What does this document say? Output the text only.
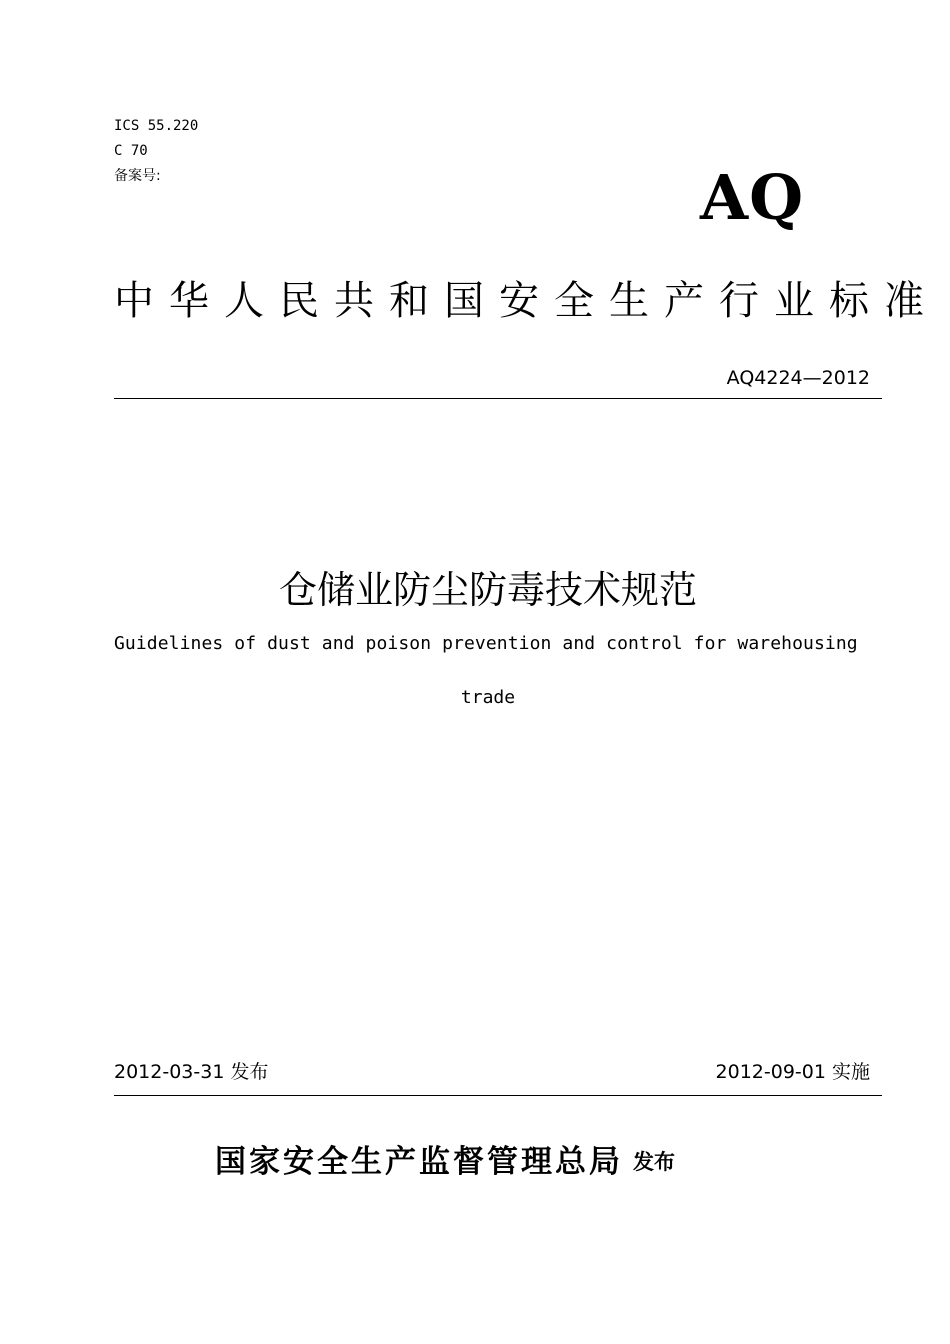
ICS 55.220
C 70
备案号:	AQ
中华人民共和国安全生产行业标准
AQ4224—2012
仓储业防尘防毒技术规范
Guidelines of dust and poison prevention and control for warehousing
trade
2012-03-31 发布	2012-09-01 实施
国家安全生产监督管理总局 发布
